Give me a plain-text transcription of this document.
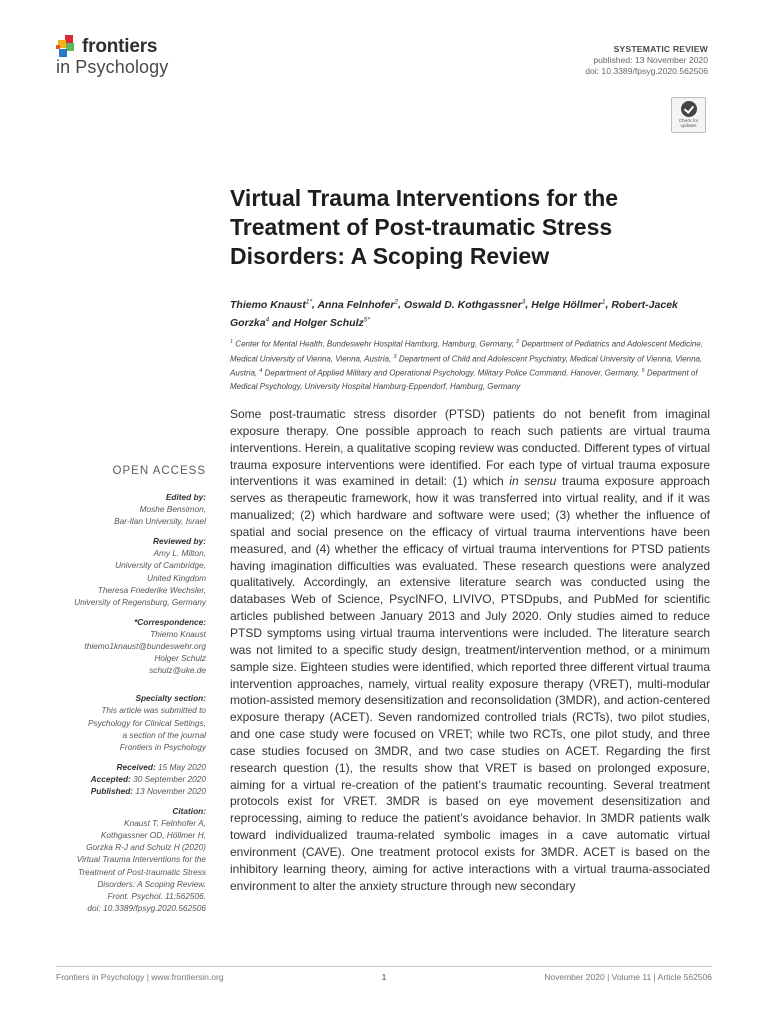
frontiers
in Psychology
SYSTEMATIC REVIEW
published: 13 November 2020
doi: 10.3389/fpsyg.2020.562506
Check for updates
Virtual Trauma Interventions for the Treatment of Post-traumatic Stress Disorders: A Scoping Review
Thiemo Knaust$^{1*}$, Anna Felnhofer$^2$, Oswald D. Kothgassner$^3$, Helge Höllmer$^1$, Robert-Jacek Gorzka$^4$ and Holger Schulz$^{5*}$
$^1$ Center for Mental Health, Bundeswehr Hospital Hamburg, Hamburg, Germany, $^2$ Department of Pediatrics and Adolescent Medicine, Medical University of Vienna, Vienna, Austria, $^3$ Department of Child and Adolescent Psychiatry, Medical University of Vienna, Vienna, Austria, $^4$ Department of Applied Military and Operational Psychology, Military Police Command, Hanover, Germany, $^5$ Department of Medical Psychology, University Hospital Hamburg-Eppendorf, Hamburg, Germany

Some post-traumatic stress disorder (PTSD) patients do not benefit from imaginal exposure therapy. One possible approach to reach such patients are virtual trauma interventions. Herein, a qualitative scoping review was conducted. Different types of virtual trauma exposure interventions were identified. For each type of virtual trauma exposure interventions it was examined in detail: (1) which in sensu trauma exposure approach serves as therapeutic framework, how it was transferred into virtual reality, and if it was manualized; (2) which hardware and software were used; (3) whether the influence of spatial and social presence on the efficacy of virtual trauma interventions have been measured, and (4) whether the efficacy of virtual trauma interventions for PTSD patients having imagination difficulties was evaluated. These research questions were analyzed qualitatively. Accordingly, an extensive literature search was conducted using the databases Web of Science, PsycINFO, LIVIVO, PTSDpubs, and PubMed for scientific articles published between January 2013 and July 2020. Only studies aimed to reduce PTSD symptoms using virtual trauma interventions were included. The literature search was not limited to a specific study design, treatment/intervention method, or a minimum sample size. Eighteen studies were identified, which reported three different virtual trauma intervention approaches, namely, virtual reality exposure therapy (VRET), multi-modular motion-assisted memory desensitization and reconsolidation (3MDR), and action-centered exposure therapy (ACET). Seven randomized controlled trials (RCTs), two pilot studies, and one case study were focused on VRET; while two RCTs, one pilot study, and three case studies focused on 3MDR, and two case studies on ACET. Regarding the first research question (1), the results show that VRET is based on prolonged exposure, aiming for a virtual re-creation of the patient’s traumatic recounting. Several treatment protocols exist for VRET. 3MDR is based on eye movement desensitization and reprocessing, aiming to reduce the patient’s avoidance behavior. In 3MDR patients walk toward individualized trauma-related symbolic images in a cave automatic virtual environment (CAVE). One treatment protocol exists for 3MDR. ACET is based on the inhibitory learning theory, aiming for active interactions with a virtual trauma-associated environment to alter the anxiety structure through new secondary

OPEN ACCESS
Edited by:
Moshe Bensimon,
Bar-Ilan University, Israel
Reviewed by:
Amy L. Milton,
University of Cambridge,
United Kingdom
Theresa Friederike Wechsler,
University of Regensburg, Germany
*Correspondence:
Thiemo Knaust
thiemo1knaust@bundeswehr.org
Holger Schulz
schulz@uke.de
Specialty section:
This article was submitted to
Psychology for Clinical Settings,
a section of the journal
Frontiers in Psychology
Received: 15 May 2020
Accepted: 30 September 2020
Published: 13 November 2020
Citation:
Knaust T, Felnhofer A,
Kothgassner OD, Höllmer H,
Gorzka R-J and Schulz H (2020)
Virtual Trauma Interventions for the
Treatment of Post-traumatic Stress
Disorders: A Scoping Review.
Front. Psychol. 11:562506.
doi: 10.3389/fpsyg.2020.562506
Frontiers in Psychology | www.frontiersin.org	1	November 2020 | Volume 11 | Article 562506
